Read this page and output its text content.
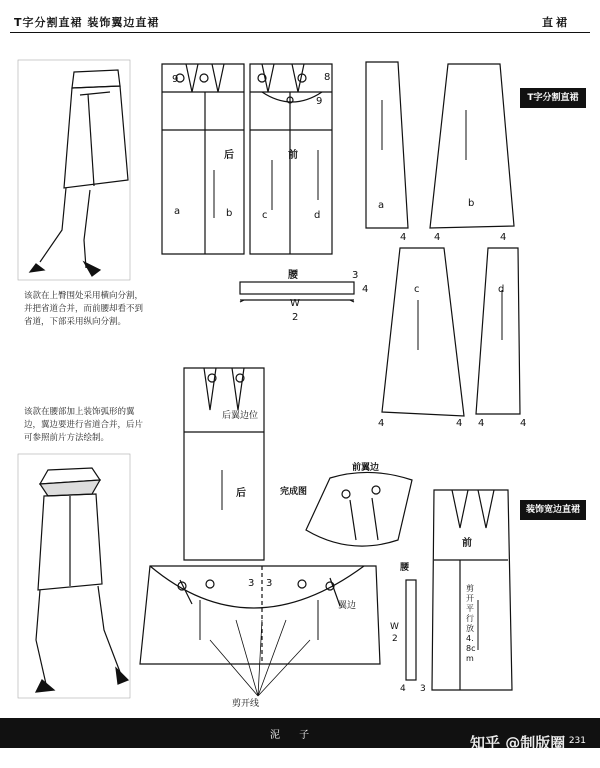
T字分割直裙 装饰翼边直裙	直裙
后	前
a	b	c	d
9
9
8
腰	3
4
W
2
a	b
c	d
4	4	4
4	4 4	4
后
后翼边位
完成图
前翼边
翼边
剪开线
3 3
腰
W
2
3
4
前
剪开平行放4.8cm
该款在上臀围处采用横向分割，并把省道合并，而前腰却看不到省道，下部采用纵向分割。
该款在腰部加上装饰弧形的翼边，翼边要进行省道合并，后片可参照前片方法绘制。
T字分割直裙
装饰宽边直裙
泥 子	知乎 @制版圈 231
